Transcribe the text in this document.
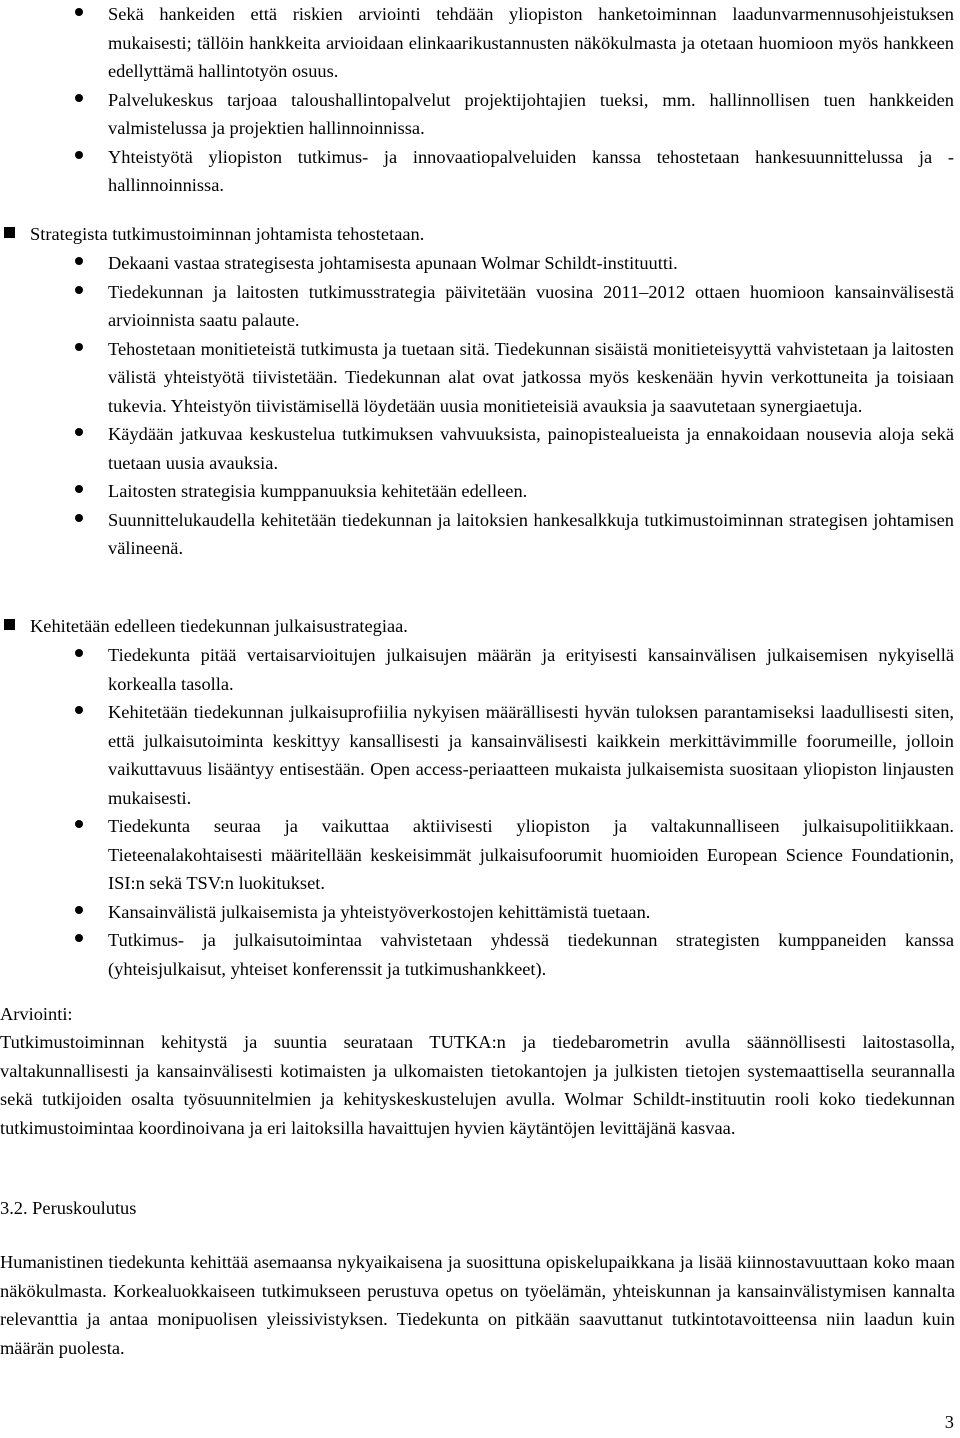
Sekä hankeiden että riskien arviointi tehdään yliopiston hanketoiminnan laadunvarmennusohjeistuksen mukaisesti; tällöin hankkeita arvioidaan elinkaarikustannusten näkökulmasta ja otetaan huomioon myös hankkeen edellyttämä hallintotyön osuus.
Palvelukeskus tarjoaa taloushallintopalvelut projektijohtajien tueksi, mm. hallinnollisen tuen hankkeiden valmistelussa ja projektien hallinnoinnissa.
Yhteistyötä yliopiston tutkimus- ja innovaatiopalveluiden kanssa tehostetaan hankesuunnittelussa ja -hallinnoinnissa.
Strategista tutkimustoiminnan johtamista tehostetaan.
Dekaani vastaa strategisesta johtamisesta apunaan Wolmar Schildt-instituutti.
Tiedekunnan ja laitosten tutkimusstrategia päivitetään vuosina 2011–2012 ottaen huomioon kansainvälisestä arvioinnista saatu palaute.
Tehostetaan monitieteistä tutkimusta ja tuetaan sitä. Tiedekunnan sisäistä monitieteisyyttä vahvistetaan ja laitosten välistä yhteistyötä tiivistetään. Tiedekunnan alat ovat jatkossa myös keskenään hyvin verkottuneita ja toisiaan tukevia. Yhteistyön tiivistämisellä löydetään uusia monitieteisiä avauksia ja saavutetaan synergiaetuja.
Käydään jatkuvaa keskustelua tutkimuksen vahvuuksista, painopistealueista ja ennakoidaan nousevia aloja sekä tuetaan uusia avauksia.
Laitosten strategisia kumppanuuksia kehitetään edelleen.
Suunnittelukaudella kehitetään tiedekunnan ja laitoksien hankesalkkuja tutkimustoiminnan strategisen johtamisen välineenä.
Kehitetään edelleen tiedekunnan julkaisustrategiaa.
Tiedekunta pitää vertaisarvioitujen julkaisujen määrän ja erityisesti kansainvälisen julkaisemisen nykyisellä korkealla tasolla.
Kehitetään tiedekunnan julkaisuprofiilia nykyisen määrällisesti hyvän tuloksen parantamiseksi laadullisesti siten, että julkaisutoiminta keskittyy kansallisesti ja kansainvälisesti kaikkein merkittävimmille foorumeille, jolloin vaikuttavuus lisääntyy entisestään. Open access-periaatteen mukaista julkaisemista suositaan yliopiston linjausten mukaisesti.
Tiedekunta seuraa ja vaikuttaa aktiivisesti yliopiston ja valtakunnalliseen julkaisupolitiikkaan. Tieteenalakohtaisesti määritellään keskeisimmät julkaisufoorumit huomioiden European Science Foundationin, ISI:n sekä TSV:n luokitukset.
Kansainvälistä julkaisemista ja yhteistyöverkostojen kehittämistä tuetaan.
Tutkimus- ja julkaisutoimintaa vahvistetaan yhdessä tiedekunnan strategisten kumppaneiden kanssa (yhteisjulkaisut, yhteiset konferenssit ja tutkimushankkeet).

Arviointi:

Tutkimustoiminnan kehitystä ja suuntia seurataan TUTKA:n ja tiedebarometrin avulla säännöllisesti laitostasolla, valtakunnallisesti ja kansainvälisesti kotimaisten ja ulkomaisten tietokantojen ja julkisten tietojen systemaattisella seurannalla sekä tutkijoiden osalta työsuunnitelmien ja kehityskeskustelujen avulla. Wolmar Schildt-instituutin rooli koko tiedekunnan tutkimustoimintaa koordinoivana ja eri laitoksilla havaittujen hyvien käytäntöjen levittäjänä kasvaa.

3.2. Peruskoulutus

Humanistinen tiedekunta kehittää asemaansa nykyaikaisena ja suosittuna opiskelupaikkana ja lisää kiinnostavuuttaan koko maan näkökulmasta. Korkealuokkaiseen tutkimukseen perustuva opetus on työelämän, yhteiskunnan ja kansainvälistymisen kannalta relevanttia ja antaa monipuolisen yleissivistyksen. Tiedekunta on pitkään saavuttanut tutkintotavoitteensa niin laadun kuin määrän puolesta.

3
